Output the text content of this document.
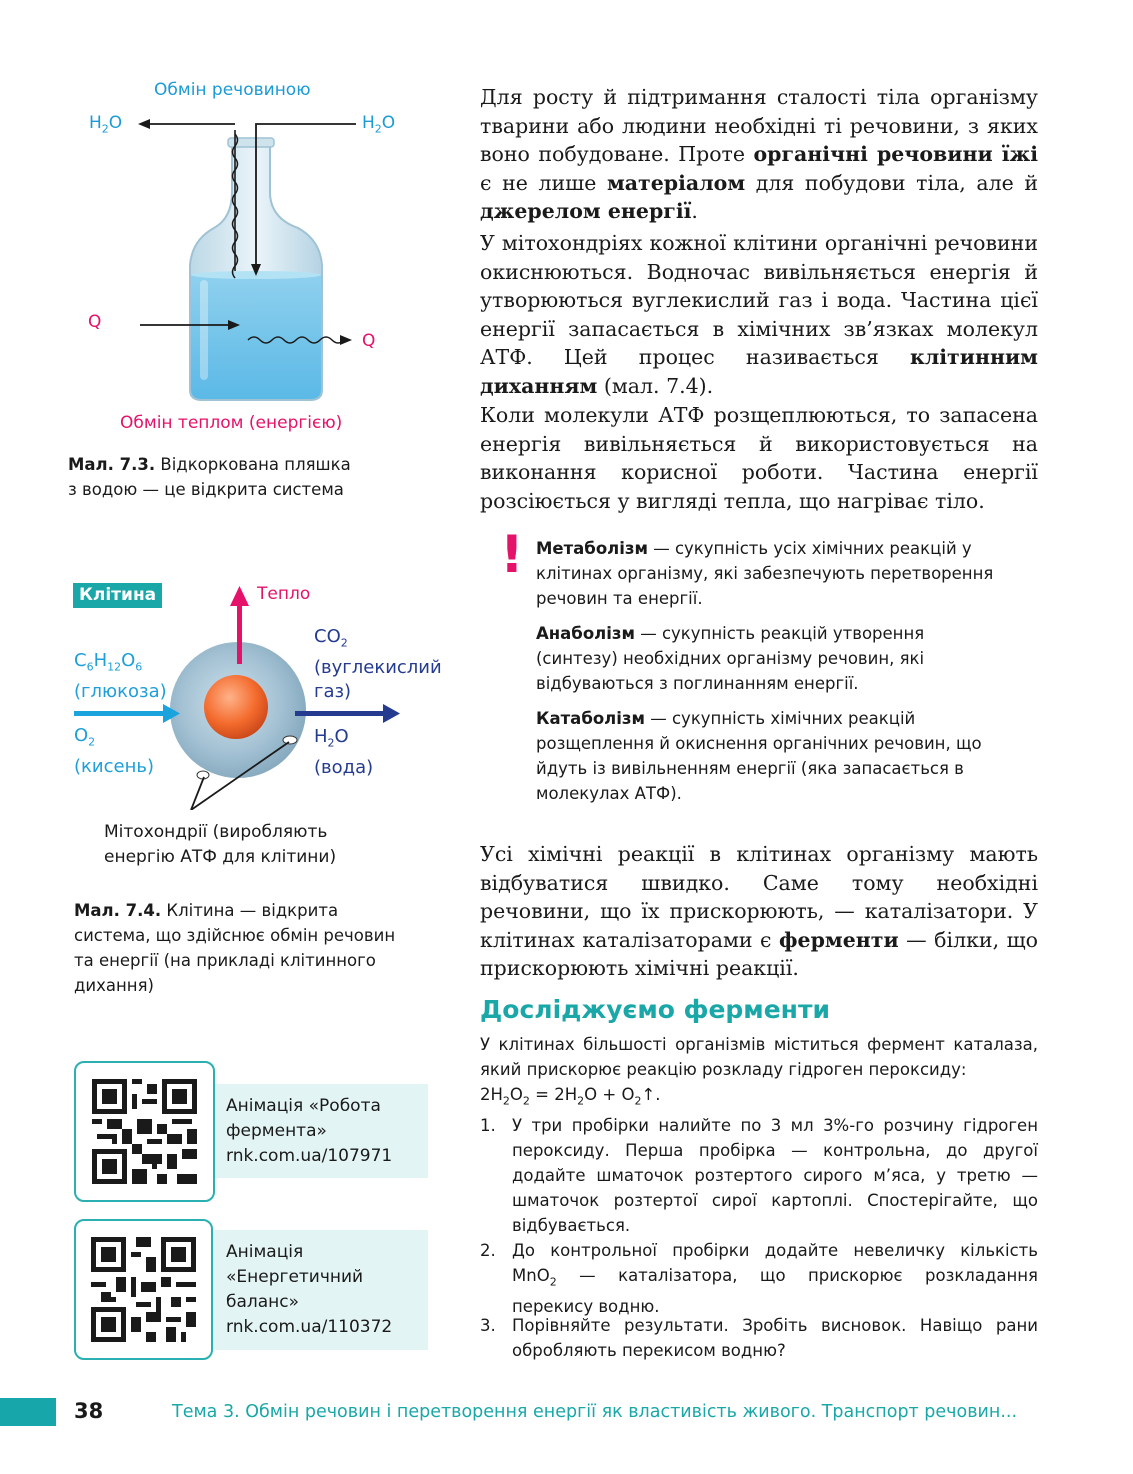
Обмін речовиною
$H_2O$	$H_2O$
Q
Q
Обмін теплом (енергією)
Мал. 7.3. Відкоркована пляшка
з водою — це відкрита система
Клітина	Тепло
$C_6H_{12}O_6$
(глюкоза)
$O_2$
(кисень)
$CO_2$
(вуглекислий
газ)
$H_2O$
(вода)
Мітохондрії (виробляють
енергію АТФ для клітини)
Мал. 7.4. Клітина — відкрита
система, що здійснює обмін речовин
та енергії (на прикладі клітинного
дихання)
Анімація «Робота
фермента»
rnk.com.ua/107971
Анімація
«Енергетичний
баланс»
rnk.com.ua/110372

Для росту й підтримання сталості тіла організму тварини або людини необхідні ті речовини, з яких воно побудоване. Проте органічні речовини їжі є не лише матеріалом для побудови тіла, але й джерелом енергії.

У мітохондріях кожної клітини органічні речовини окиснюються. Водночас вивільняється енергія й утворюються вуглекислий газ і вода. Частина цієї енергії запасається в хімічних зв’язках молекул АТФ. Цей процес називається клітинним диханням (мал. 7.4).

Коли молекули АТФ розщеплюються, то запасена енергія вивільняється й використовується на виконання корисної роботи. Частина енергії розсіюється у вигляді тепла, що нагріває тіло.

! Метаболізм — сукупність усіх хімічних реакцій у клітинах організму, які забезпечують перетворення речовин та енергії.

Анаболізм — сукупність реакцій утворення (синтезу) необхідних організму речовин, які відбуваються з поглинанням енергії.

Катаболізм — сукупність хімічних реакцій розщеплення й окиснення органічних речовин, що йдуть із вивільненням енергії (яка запасається в молекулах АТФ).

Усі хімічні реакції в клітинах організму мають відбуватися швидко. Саме тому необхідні речовини, що їх прискорюють, — каталізатори. У клітинах каталізаторами є ферменти — білки, що прискорюють хімічні реакції.

Досліджуємо ферменти
У клітинах більшості організмів міститься фермент каталаза, який прискорює реакцію розкладу гідроген пероксиду:
$2H_2O_2 = 2H_2O$ + $O_2↑$.
1. У три пробірки налийте по 3 мл 3%-го розчину гідроген пероксиду. Перша пробірка — контрольна, до другої додайте шматочок розтертого сирого м’яса, у третю — шматочок розтертої сирої картоплі. Спостерігайте, що відбувається.
2. До контрольної пробірки додайте невеличку кількість MnO$_2$ — каталізатора, що прискорює розкладання перекису водню.
3. Порівняйте результати. Зробіть висновок. Навіщо рани обробляють перекисом водню?
38	Тема 3. Обмін речовин і перетворення енергії як властивість живого. Транспорт речовин...
